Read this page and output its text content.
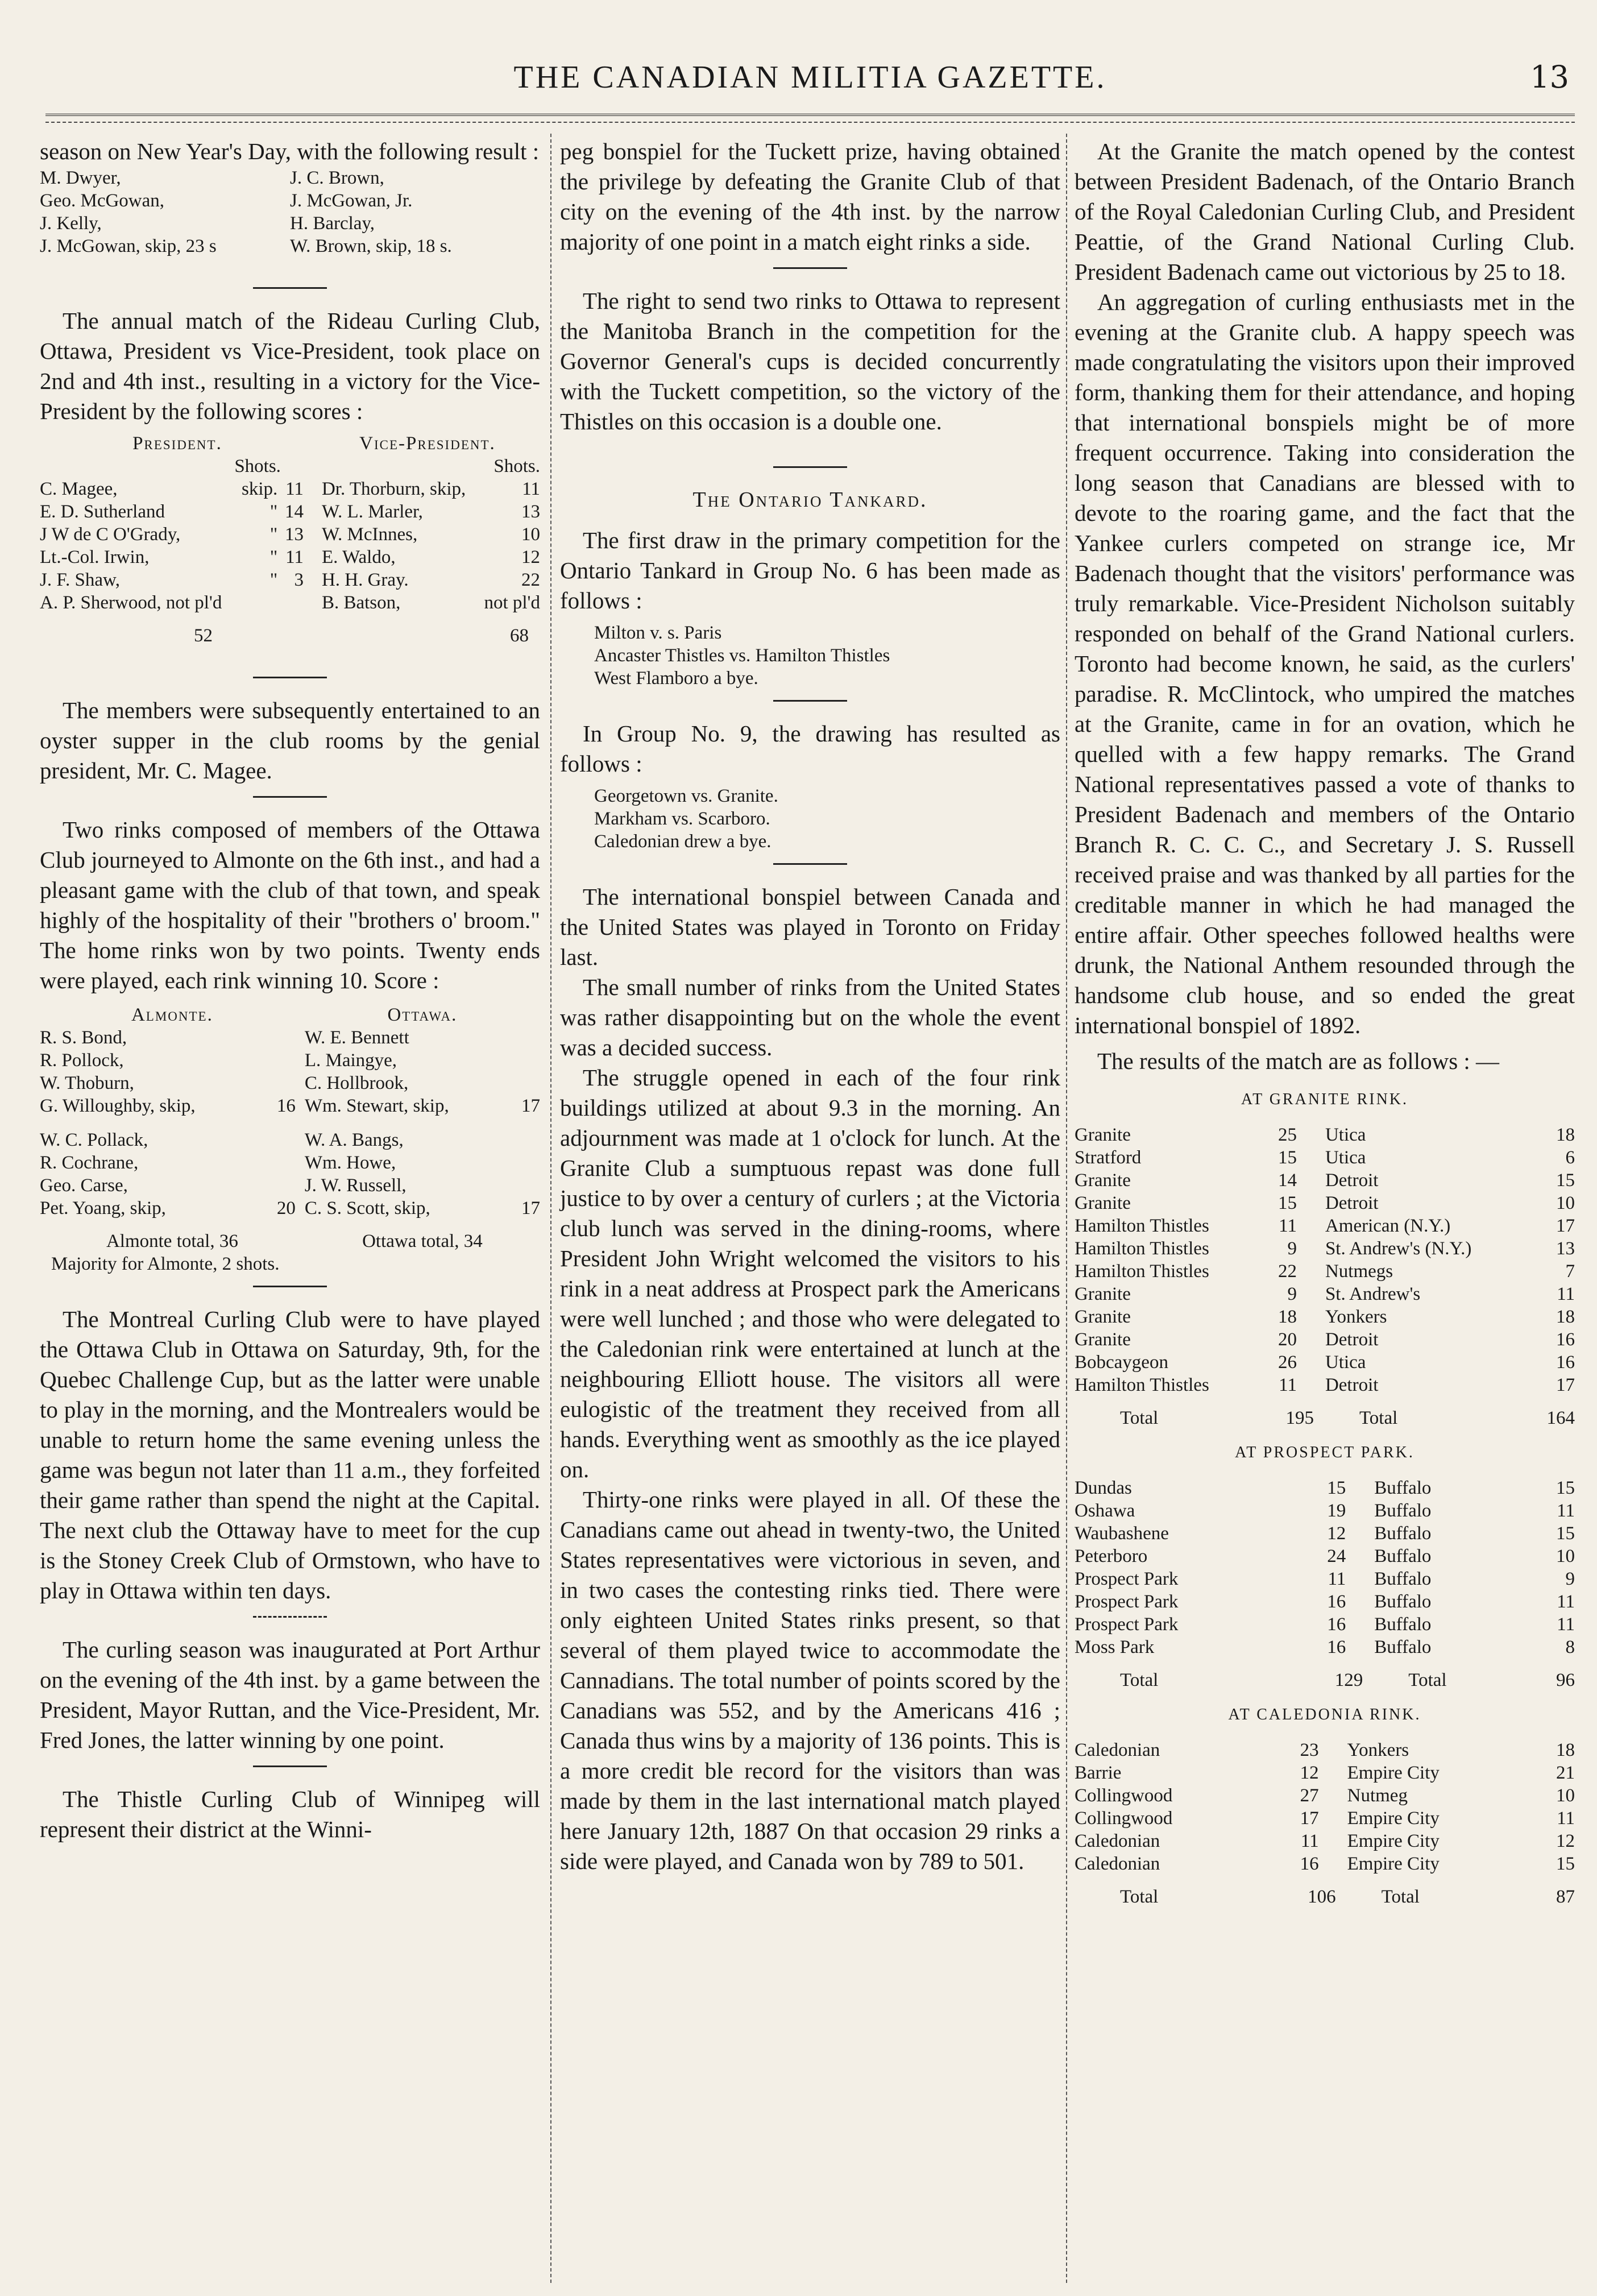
THE CANADIAN MILITIA GAZETTE.	13

season on New Year's Day, with the following result :

M. Dwyer,	J. C. Brown,
Geo. McGowan,	J. McGowan, Jr.
J. Kelly,	H. Barclay,
J. McGowan, skip, 23 s	W. Brown, skip, 18 s.

The annual match of the Rideau Curling Club, Ottawa, President vs Vice-President, took place on 2nd and 4th inst., resulting in a victory for the Vice-President by the following scores :

President.			Vice-President.	
Shots.			Shots.	
C. Magee,	skip.	11	Dr. Thorburn, skip,	11
E. D. Sutherland	"	14	W. L. Marler,	13
J W de C O'Grady,	"	13	W. McInnes,	10
Lt.-Col. Irwin,	"	11	E. Waldo,	12
J. F. Shaw,	"	3	H. H. Gray.	22
A. P. Sherwood, not pl'd			B. Batson,	not pl'd
52			68	

The members were subsequently entertained to an oyster supper in the club rooms by the genial president, Mr. C. Magee.

Two rinks composed of members of the Ottawa Club journeyed to Almonte on the 6th inst., and had a pleasant game with the club of that town, and speak highly of the hospitality of their "brothers o' broom." The home rinks won by two points. Twenty ends were played, each rink winning 10. Score :

Almonte.		Ottawa.	
R. S. Bond,		W. E. Bennett	
R. Pollock,		L. Maingye,	
W. Thoburn,		C. Hollbrook,	
G. Willoughby, skip,	16	Wm. Stewart, skip,	17

W. C. Pollack,		W. A. Bangs,	
R. Cochrane,		Wm. Howe,	
Geo. Carse,		J. W. Russell,	
Pet. Yoang, skip,	20	C. S. Scott, skip,	17
Almonte total, 36		Ottawa total, 34	
Majority for Almonte, 2 shots.			

The Montreal Curling Club were to have played the Ottawa Club in Ottawa on Saturday, 9th, for the Quebec Challenge Cup, but as the latter were unable to play in the morning, and the Montrealers would be unable to return home the same evening unless the game was begun not later than 11 a.m., they forfeited their game rather than spend the night at the Capital. The next club the Ottaway have to meet for the cup is the Stoney Creek Club of Ormstown, who have to play in Ottawa within ten days.

The curling season was inaugurated at Port Arthur on the evening of the 4th inst. by a game between the President, Mayor Ruttan, and the Vice-President, Mr. Fred Jones, the latter winning by one point.

The Thistle Curling Club of Winnipeg will represent their district at the Winni-

peg bonspiel for the Tuckett prize, having obtained the privilege by defeating the Granite Club of that city on the evening of the 4th inst. by the narrow majority of one point in a match eight rinks a side.

The right to send two rinks to Ottawa to represent the Manitoba Branch in the competition for the Governor General's cups is decided concurrently with the Tuckett competition, so the victory of the Thistles on this occasion is a double one.

The Ontario Tankard.

The first draw in the primary competition for the Ontario Tankard in Group No. 6 has been made as follows :

Milton v. s. Paris
Ancaster Thistles vs. Hamilton Thistles
West Flamboro a bye.

In Group No. 9, the drawing has resulted as follows :

Georgetown vs. Granite.
Markham vs. Scarboro.
Caledonian drew a bye.

The international bonspiel between Canada and the United States was played in Toronto on Friday last.

The small number of rinks from the United States was rather disappointing but on the whole the event was a decided success.

The struggle opened in each of the four rink buildings utilized at about 9.3 in the morning. An adjournment was made at 1 o'clock for lunch. At the Granite Club a sumptuous repast was done full justice to by over a century of curlers ; at the Victoria club lunch was served in the dining-rooms, where President John Wright welcomed the visitors to his rink in a neat address at Prospect park the Americans were well lunched ; and those who were delegated to the Caledonian rink were entertained at lunch at the neighbouring Elliott house. The visitors all were eulogistic of the treatment they received from all hands. Everything went as smoothly as the ice played on.

Thirty-one rinks were played in all. Of these the Canadians came out ahead in twenty-two, the United States representatives were victorious in seven, and in two cases the contesting rinks tied. There were only eighteen United States rinks present, so that several of them played twice to accommodate the Cannadians. The total number of points scored by the Canadians was 552, and by the Americans 416 ; Canada thus wins by a majority of 136 points. This is a more credit ble record for the visitors than was made by them in the last international match played here January 12th, 1887 On that occasion 29 rinks a side were played, and Canada won by 789 to 501.

At the Granite the match opened by the contest between President Badenach, of the Ontario Branch of the Royal Caledonian Curling Club, and President Peattie, of the Grand National Curling Club. President Badenach came out victorious by 25 to 18.

An aggregation of curling enthusiasts met in the evening at the Granite club. A happy speech was made congratulating the visitors upon their improved form, thanking them for their attendance, and hoping that international bonspiels might be of more frequent occurrence. Taking into consideration the long season that Canadians are blessed with to devote to the roaring game, and the fact that the Yankee curlers competed on strange ice, Mr Badenach thought that the visitors' performance was truly remarkable. Vice-President Nicholson suitably responded on behalf of the Grand National curlers. Toronto had become known, he said, as the curlers' paradise. R. McClintock, who umpired the matches at the Granite, came in for an ovation, which he quelled with a few happy remarks. The Grand National representatives passed a vote of thanks to President Badenach and members of the Ontario Branch R. C. C. C., and Secretary J. S. Russell received praise and was thanked by all parties for the creditable manner in which he had managed the entire affair. Other speeches followed healths were drunk, the National Anthem resounded through the handsome club house, and so ended the great international bonspiel of 1892.

The results of the match are as follows : —

AT GRANITE RINK.
Granite	25	Utica	18
Stratford	15	Utica	6
Granite	14	Detroit	15
Granite	15	Detroit	10
Hamilton Thistles	11	American (N.Y.)	17
Hamilton Thistles	9	St. Andrew's (N.Y.)	13
Hamilton Thistles	22	Nutmegs	7
Granite	9	St. Andrew's	11
Granite	18	Yonkers	18
Granite	20	Detroit	16
Bobcaygeon	26	Utica	16
Hamilton Thistles	11	Detroit	17
Total	195	Total	164
AT PROSPECT PARK.
Dundas	15	Buffalo	15
Oshawa	19	Buffalo	11
Waubashene	12	Buffalo	15
Peterboro	24	Buffalo	10
Prospect Park	11	Buffalo	9
Prospect Park	16	Buffalo	11
Prospect Park	16	Buffalo	11
Moss Park	16	Buffalo	8
Total	129	Total	96
AT CALEDONIA RINK.
Caledonian	23	Yonkers	18
Barrie	12	Empire City	21
Collingwood	27	Nutmeg	10
Collingwood	17	Empire City	11
Caledonian	11	Empire City	12
Caledonian	16	Empire City	15
Total	106	Total	87
